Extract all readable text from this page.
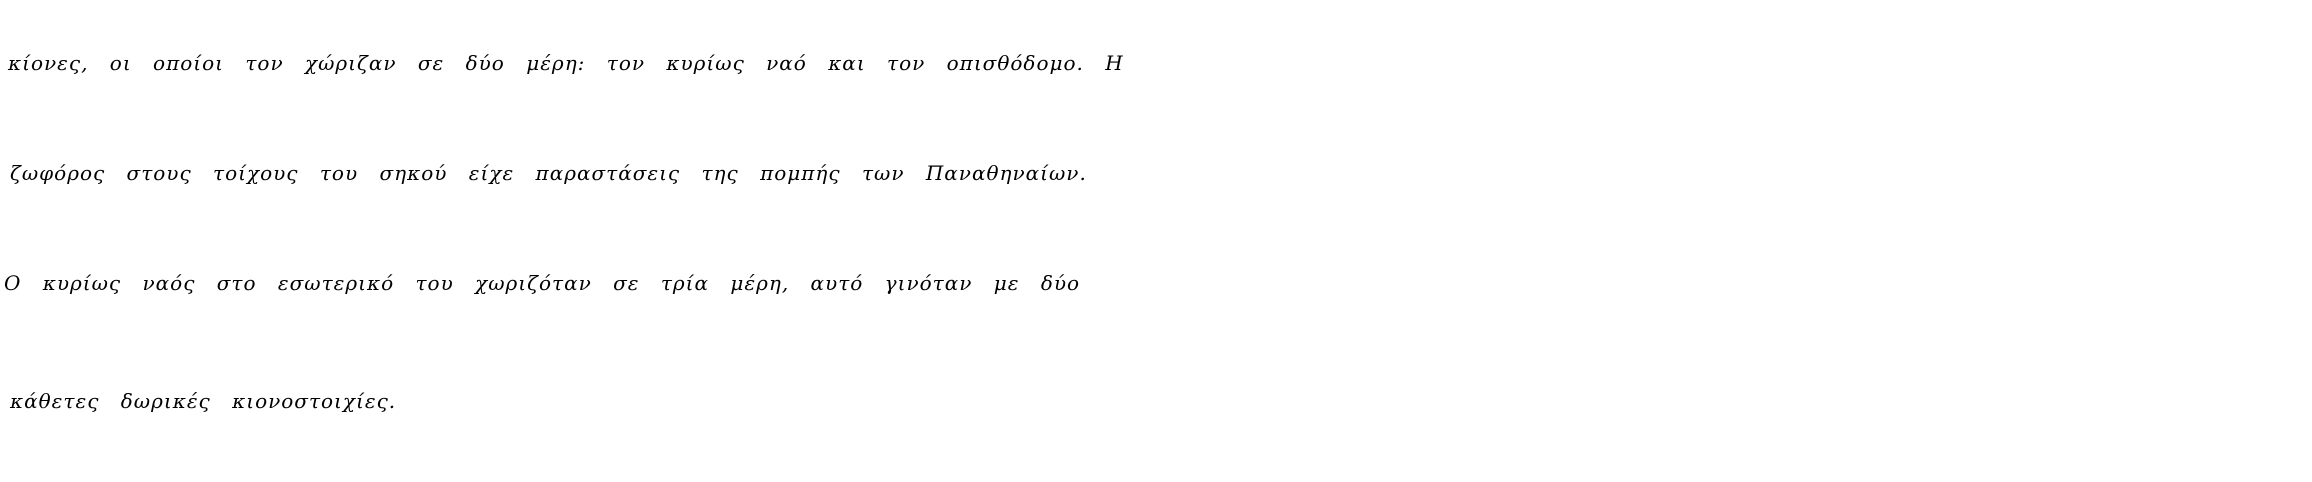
κίονες, οι οποίοι τον χώριζαν σε δύο μέρη: τον κυρίως ναό και τον οπισθόδομο. Η
ζωφόρος στους τοίχους του σηκού είχε παραστάσεις της πομπής των Παναθηναίων.
Ο κυρίως ναός στο εσωτερικό του χωριζόταν σε τρία μέρη, αυτό γινόταν με δύο
κάθετες δωρικές κιονοστοιχίες.
